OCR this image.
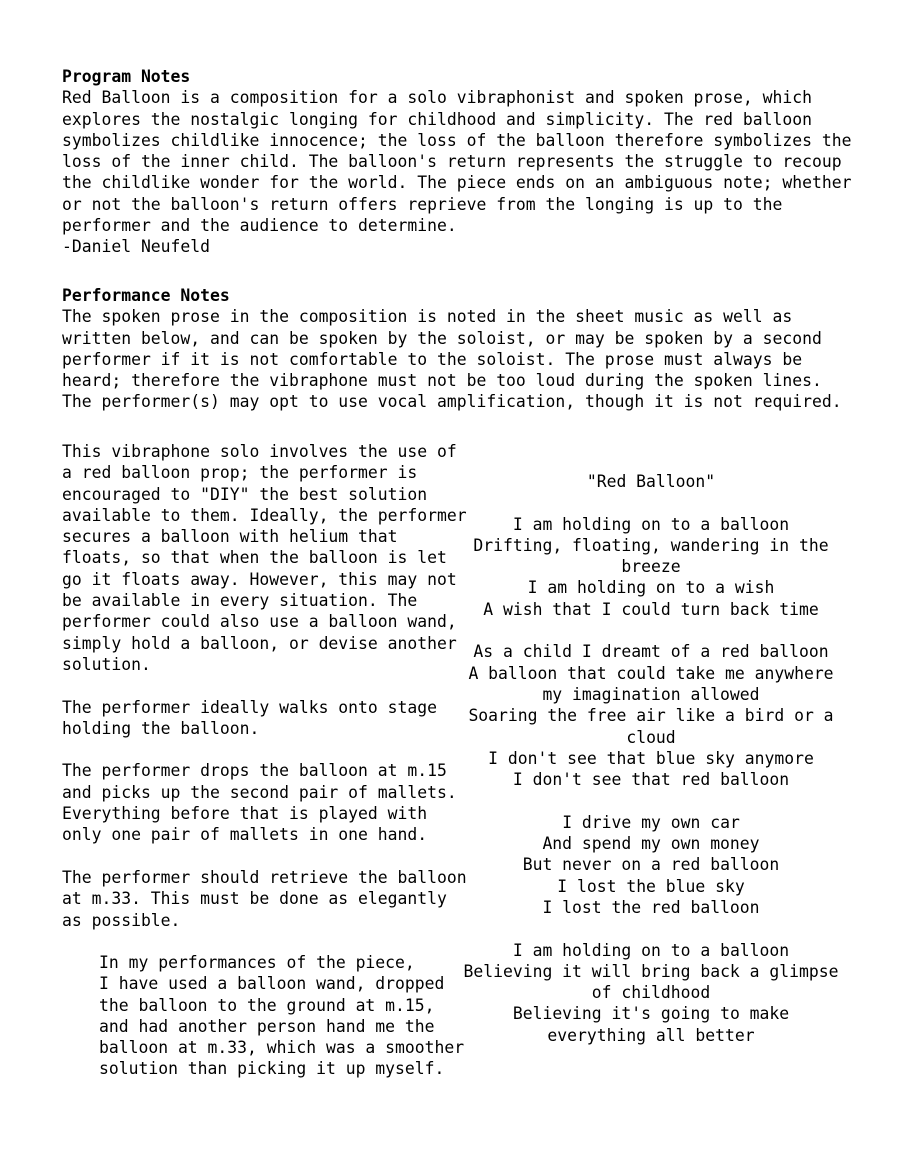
Program Notes
Red Balloon is a composition for a solo vibraphonist and spoken prose, which
explores the nostalgic longing for childhood and simplicity. The red balloon
symbolizes childlike innocence; the loss of the balloon therefore symbolizes the
loss of the inner child. The balloon's return represents the struggle to recoup
the childlike wonder for the world. The piece ends on an ambiguous note; whether
or not the balloon's return offers reprieve from the longing is up to the
performer and the audience to determine.
-Daniel Neufeld
Performance Notes
The spoken prose in the composition is noted in the sheet music as well as
written below, and can be spoken by the soloist, or may be spoken by a second
performer if it is not comfortable to the soloist. The prose must always be
heard; therefore the vibraphone must not be too loud during the spoken lines.
The performer(s) may opt to use vocal amplification, though it is not required.
This vibraphone solo involves the use of
a red balloon prop; the performer is
encouraged to "DIY" the best solution
available to them. Ideally, the performer
secures a balloon with helium that
floats, so that when the balloon is let
go it floats away. However, this may not
be available in every situation. The
performer could also use a balloon wand,
simply hold a balloon, or devise another
solution.
The performer ideally walks onto stage
holding the balloon.
The performer drops the balloon at m.15
and picks up the second pair of mallets.
Everything before that is played with
only one pair of mallets in one hand.
The performer should retrieve the balloon
at m.33. This must be done as elegantly
as possible.
In my performances of the piece,
I have used a balloon wand, dropped
the balloon to the ground at m.15,
and had another person hand me the
balloon at m.33, which was a smoother
solution than picking it up myself.
"Red Balloon"
I am holding on to a balloon
Drifting, floating, wandering in the
breeze
I am holding on to a wish
A wish that I could turn back time
As a child I dreamt of a red balloon
A balloon that could take me anywhere
my imagination allowed
Soaring the free air like a bird or a
cloud
I don't see that blue sky anymore
I don't see that red balloon
I drive my own car
And spend my own money
But never on a red balloon
I lost the blue sky
I lost the red balloon
I am holding on to a balloon
Believing it will bring back a glimpse
of childhood
Believing it's going to make
everything all better
